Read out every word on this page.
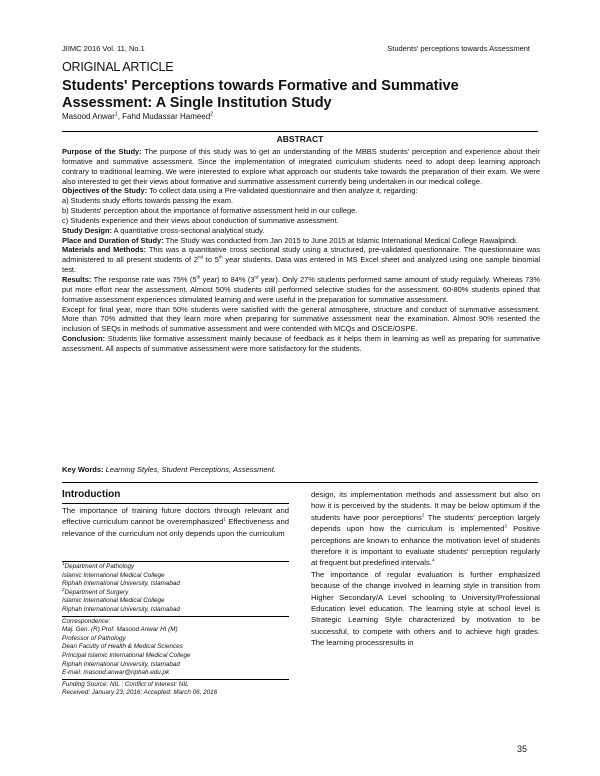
JIIMC 2016 Vol. 11, No.1	Students' perceptions towards Assessment
ORIGINAL ARTICLE
Students' Perceptions towards Formative and Summative Assessment: A Single Institution Study
Masood Anwar$^1$, Fahd Mudassar Hameed$^2$
ABSTRACT

Purpose of the Study: The purpose of this study was to get an understanding of the MBBS students' perception and experience about their formative and summative assessment. Since the implementation of integrated curriculum students need to adopt deep learning approach contrary to traditional learning. We were interested to explore what approach our students take towards the preparation of their exam. We were also interested to get their views about formative and summative assessment currently being undertaken in our medical college.

Objectives of the Study: To collect data using a Pre-validated questionnaire and then analyze it, regarding:

a) Students study efforts towards passing the exam.

b) Students' perception about the importance of formative assessment held in our college.

c) Students experience and their views about conduction of summative assessment.

Study Design: A quantitative cross-sectional analytical study.

Place and Duration of Study: The Study was conducted from Jan 2015 to June 2015 at Islamic International Medical College Rawalpindi.

Materials and Methods: This was a quantitative cross sectional study using a structured, pre-validated questionnaire. The questionnaire was administered to all present students of 2nd to 5th year students. Data was entered in MS Excel sheet and analyzed using one sample binomial test.

Results: The response rate was 75% (5th year) to 84% (3rd year). Only 27% students performed same amount of study regularly. Whereas 73% put more effort near the assessment. Almost 50% students still performed selective studies for the assessment. 60-80% students opined that formative assessment experiences stimulated learning and were useful in the preparation for summative assessment.

Except for final year, more than 50% students were satisfied with the general atmosphere, structure and conduct of summative assessment. More than 70% admitted that they learn more when preparing for summative assessment near the examination. Almost 90% resented the inclusion of SEQs in methods of summative assessment and were contended with MCQs and OSCE/OSPE.

Conclusion: Students like formative assessment mainly because of feedback as it helps them in learning as well as preparing for summative assessment. All aspects of summative assessment were more satisfactory for the students.

Key Words: Learning Styles, Student Perceptions, Assessment.
Introduction

The importance of training future doctors through relevant and effective curriculum cannot be overemphasized$^1$ Effectiveness and relevance of the curriculum not only depends upon the curriculum

$^1$Department of Pathology
Islamic International Medical College
Riphah International University, Islamabad
$^2$Department of Surgery
Islamic International Medical College
Riphah International University, Islamabad
Correspondence:
Maj. Gen. (R) Prof. Masood Anwar HI (M)
Professor of Pathology
Dean Faculty of Health & Medical Sciences
Principal Islamic International Medical College
Riphah International University, Islamabad
E-mail: masood.anwar@riphah.edu.pk
Funding Source: NIL ; Conflict of interest: NIL
Received: January 23, 2016; Accepted: March 06, 2016

design, its implementation methods and assessment but also on how it is perceived by the students. It may be below optimum if the students have poor perceptions$^2$ The students' perception largely depends upon how the curriculum is implemented$^3$ Positive perceptions are known to enhance the motivation level of students therefore it is important to evaluate students' perception regularly at frequent but predefined intervals.$^4$

The importance of regular evaluation is further emphasized because of the change involved in learning style in transition from Higher Secondary/A Level schooling to University/Professional Education level education. The learning style at school level is Strategic Learning Style characterized by motivation to be successful, to compete with others and to achieve high grades. The learning processresults in

35
